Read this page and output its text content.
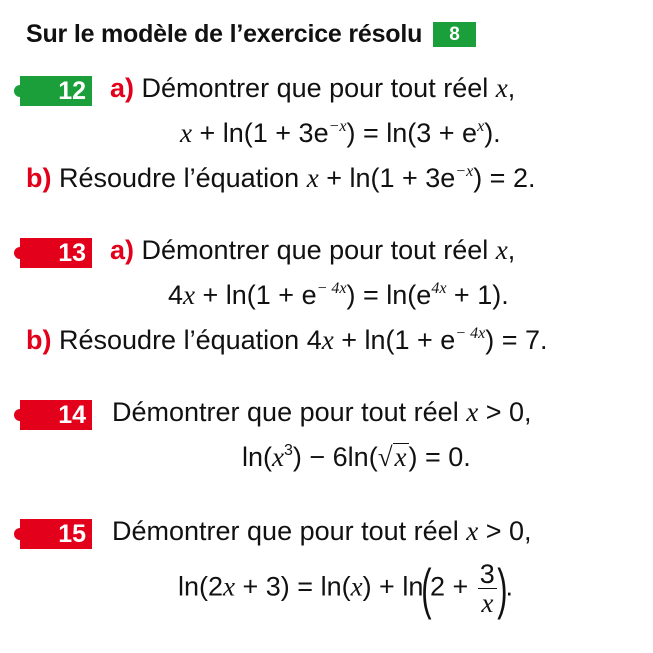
Sur le modèle de l’exercice résolu 8
12 a) Démontrer que pour tout réel x,
$x + \ln(1 + 3e^{-x}) = \ln(3 + e^x)$.
b) Résoudre l’équation $x + \ln(1 + 3e^{-x}) = 2$.
13 a) Démontrer que pour tout réel x,
$4x + \ln(1 + e^{- 4x}) = \ln(e^{4x} + 1)$.
b) Résoudre l’équation $4x + \ln(1 + e^{- 4x}) = 7$.
14 Démontrer que pour tout réel x > 0,
$\ln(x^3) - 6\ln(√x) = 0$.
15 Démontrer que pour tout réel x > 0,
$\ln(2x + 3) = \ln(x) + \ln(2 + \frac{3}{x}$ ).
